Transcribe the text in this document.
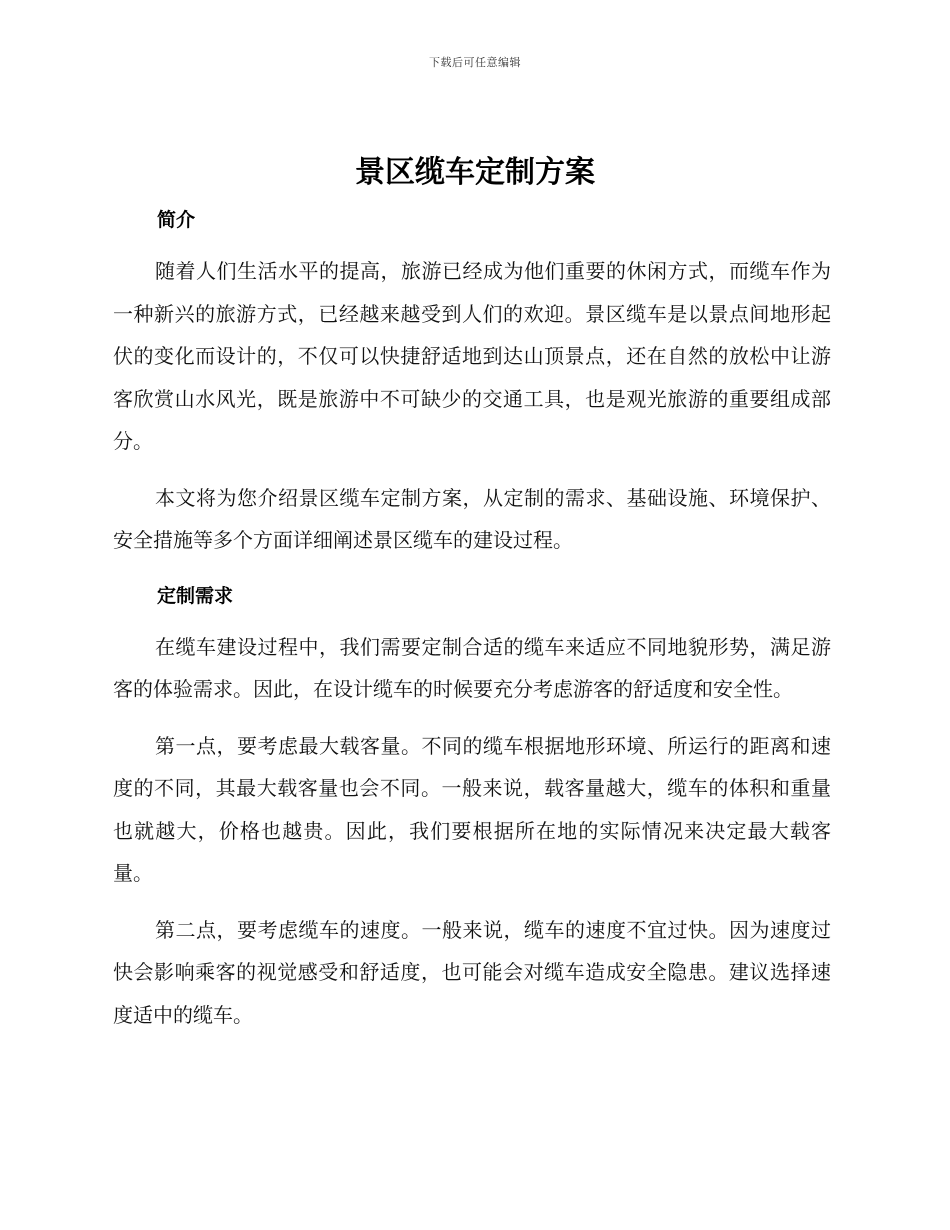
下载后可任意编辑
景区缆车定制方案
简介

随着人们生活水平的提高，旅游已经成为他们重要的休闲方式，而缆车作为一种新兴的旅游方式，已经越来越受到人们的欢迎。景区缆车是以景点间地形起伏的变化而设计的，不仅可以快捷舒适地到达山顶景点，还在自然的放松中让游客欣赏山水风光，既是旅游中不可缺少的交通工具，也是观光旅游的重要组成部分。

本文将为您介绍景区缆车定制方案，从定制的需求、基础设施、环境保护、安全措施等多个方面详细阐述景区缆车的建设过程。

定制需求

在缆车建设过程中，我们需要定制合适的缆车来适应不同地貌形势，满足游客的体验需求。因此，在设计缆车的时候要充分考虑游客的舒适度和安全性。

第一点，要考虑最大载客量。不同的缆车根据地形环境、所运行的距离和速度的不同，其最大载客量也会不同。一般来说，载客量越大，缆车的体积和重量也就越大，价格也越贵。因此，我们要根据所在地的实际情况来决定最大载客量。

第二点，要考虑缆车的速度。一般来说，缆车的速度不宜过快。因为速度过快会影响乘客的视觉感受和舒适度，也可能会对缆车造成安全隐患。建议选择速度适中的缆车。
